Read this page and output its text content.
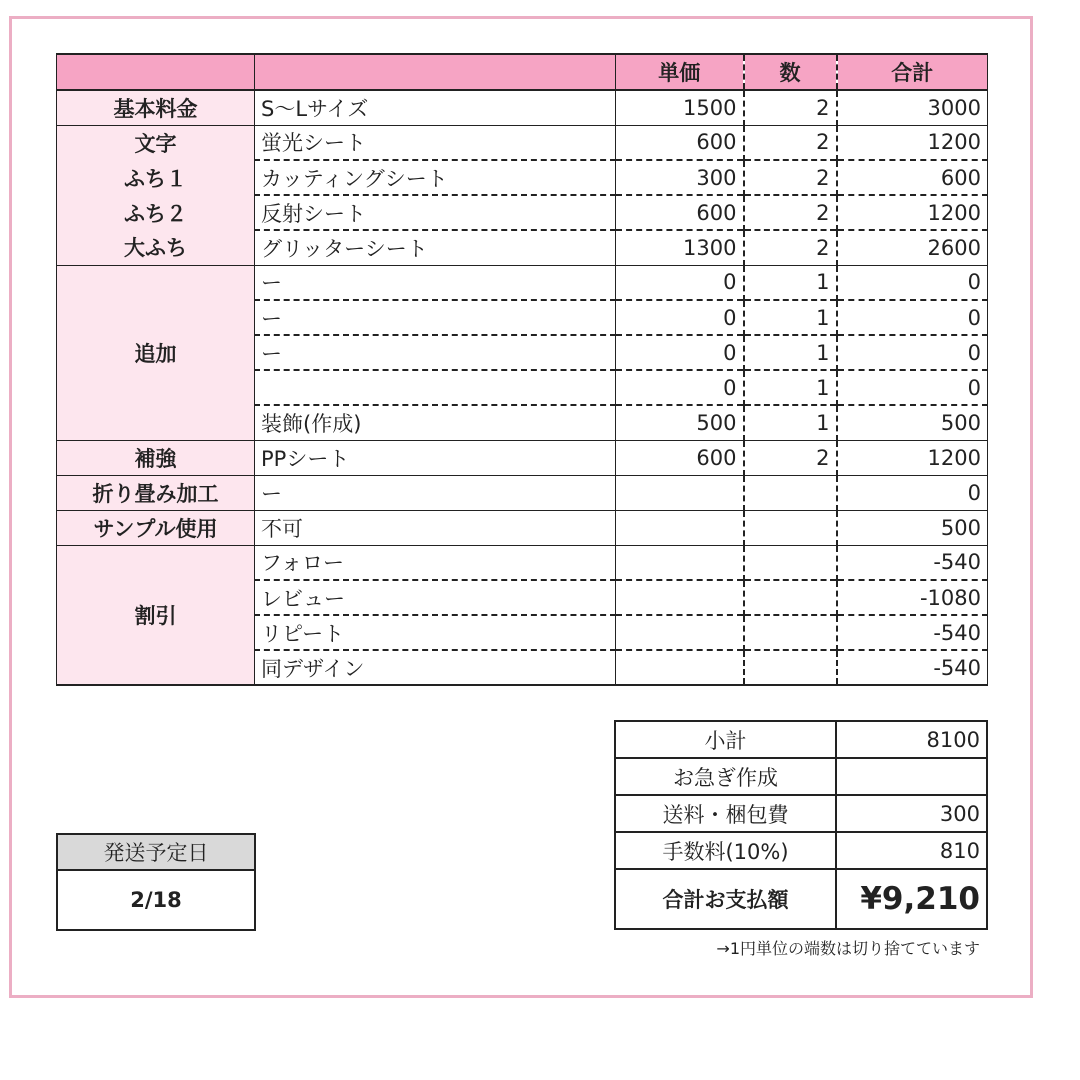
		単価	数	合計
基本料金	S〜Lサイズ	1500	2	3000
文字	蛍光シート	600	2	1200
ふち１	カッティングシート	300	2	600
ふち２	反射シート	600	2	1200
大ふち	グリッターシート	1300	2	2600
追加	ー	0	1	0
	ー	0	1	0
	ー	0	1	0
		0	1	0
	装飾(作成)	500	1	500
補強	PPシート	600	2	1200
折り畳み加工	ー			0
サンプル使用	不可			500
割引	フォロー			-540
	レビュー			-1080
	リピート			-540
	同デザイン			-540
小計	8100
お急ぎ作成	
送料・梱包費	300
手数料(10%)	810
合計お支払額	¥9,210
→1円単位の端数は切り捨てています
発送予定日
2/18
